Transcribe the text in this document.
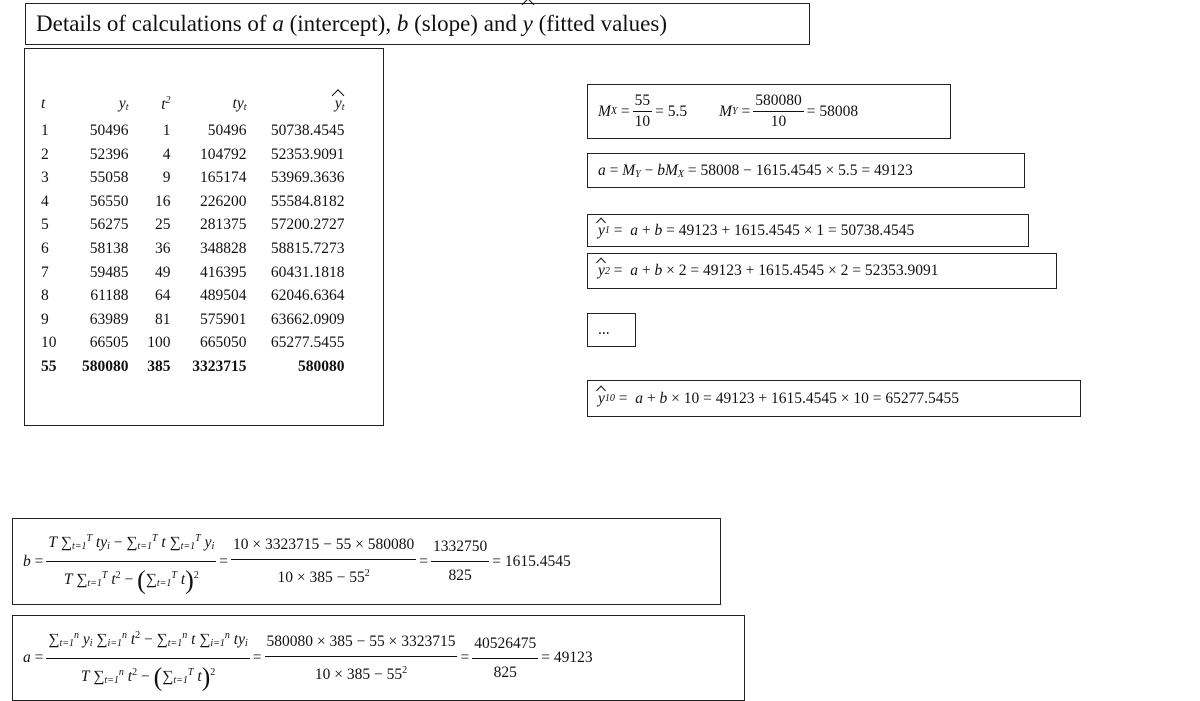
Details of calculations of a (intercept), b (slope) and y (fitted values)
t	$y_t$	$t^2$	$ty_t$	$y_t$
1	50496	1	50496	50738.4545
2	52396	4	104792	52353.9091
3	55058	9	165174	53969.3636
4	56550	16	226200	55584.8182
5	56275	25	281375	57200.2727
6	58138	36	348828	58815.7273
7	59485	49	416395	60431.1818
8	61188	64	489504	62046.6364
9	63989	81	575901	63662.0909
10	66505	100	665050	65277.5455
55	580080	385	3323715	580080
M $X = \frac{55}{10} = 5.5$ M $Y = \frac{580080}{10} = 58008$
$a = M_Y - bM_X = 58008 - 1615.4545 \times 5.5 = 49123$
y 1 = a + b
= 49123 + 1615.4545 × 1 = 50738.4545
y 2 = a + b × 2 = 49123 + 1615.4545 × 2 = 52353.9091
...
y 10 = a + b × 10 = 49123 + 1615.4545 × 10 = 65277.5455
$b = \frac{T \sum_{t=1}^T ty_i - \sum_{t=1}^T t \sum_{t=1}^T y_i}{T \sum_{t=1}^T t^2 - (\sum_{t=1}^T t)^2} = \frac{10 \times 3323715 - 55 \times 580080}{10 \times 385 - 55^2} = \frac{1332750}{825} = 1615.4545$
$a = \frac{\sum_{t=1}^n y_i \sum_{i=1}^n t^2 - \sum_{t=1}^n t \sum_{i=1}^n ty_i}{T \sum_{t=1}^n t^2 - (\sum_{t=1}^T t)^2} = \frac{580080 \times 385 - 55 \times 3323715}{10 \times 385 - 55^2} = \frac{40526475}{825} = 49123$
